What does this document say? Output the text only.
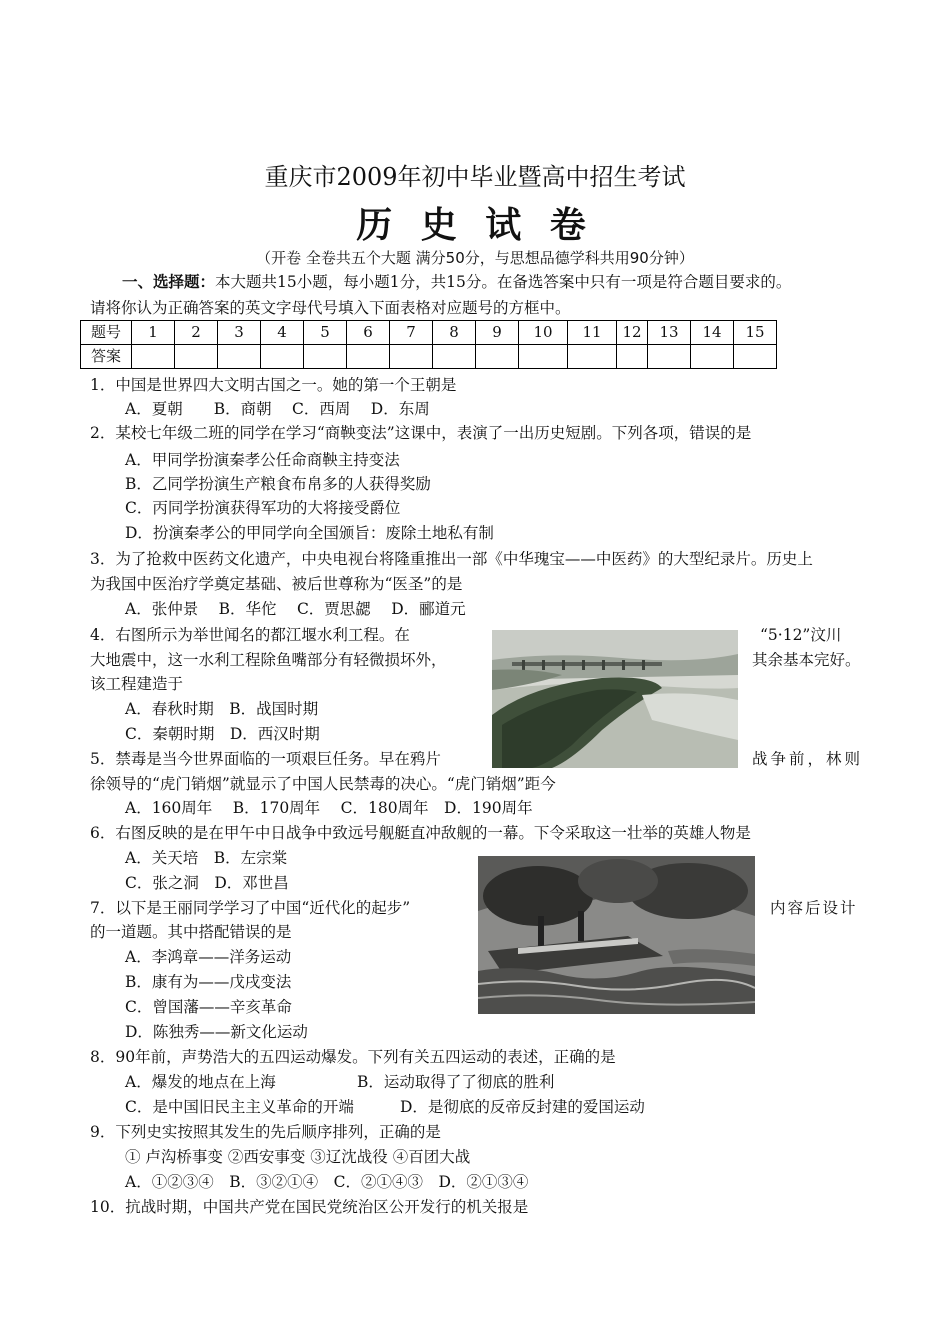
重庆市2009年初中毕业暨高中招生考试
历 史 试 卷
（开卷 全卷共五个大题 满分50分，与思想品德学科共用90分钟）
一、选择题：本大题共15小题，每小题1分，共15分。在备选答案中只有一项是符合题目要求的。
请将你认为正确答案的英文字母代号填入下面表格对应题号的方框中。
题号	1	2	3	4	5	6	7	8	9	10	11	12	13	14	15
答案															
1．中国是世界四大文明古国之一。她的第一个王朝是
A．夏朝　　B．商朝　 C．西周　 D．东周
2．某校七年级二班的同学在学习“商鞅变法”这课中，表演了一出历史短剧。下列各项，错误的是
A．甲同学扮演秦孝公任命商鞅主持变法
B．乙同学扮演生产粮食布帛多的人获得奖励
C．丙同学扮演获得军功的大将接受爵位
D．扮演秦孝公的甲同学向全国颁旨：废除土地私有制
3．为了抢救中医药文化遗产，中央电视台将隆重推出一部《中华瑰宝——中医药》的大型纪录片。历史上
为我国中医治疗学奠定基础、被后世尊称为“医圣”的是
A．张仲景　 B．华佗　 C．贾思勰　 D．郦道元
4．右图所示为举世闻名的都江堰水利工程。在	“5·12”汶川
大地震中，这一水利工程除鱼嘴部分有轻微损坏外，	其余基本完好。
该工程建造于
A．春秋时期　B．战国时期
C．秦朝时期　D．西汉时期
5．禁毒是当今世界面临的一项艰巨任务。早在鸦片	战争前，林则
徐领导的“虎门销烟”就显示了中国人民禁毒的决心。“虎门销烟”距今
A．160周年　 B．170周年　 C．180周年　D．190周年
6．右图反映的是在甲午中日战争中致远号舰艇直冲敌舰的一幕。下令采取这一壮举的英雄人物是
A．关天培　B．左宗棠
C．张之洞　D．邓世昌
7．以下是王丽同学学习了中国“近代化的起步”	内容后设计
的一道题。其中搭配错误的是
A．李鸿章——洋务运动
B．康有为——戊戌变法
C．曾国藩——辛亥革命
D．陈独秀——新文化运动
8．90年前，声势浩大的五四运动爆发。下列有关五四运动的表述，正确的是
A．爆发的地点在上海	B．运动取得了了彻底的胜利
C．是中国旧民主主义革命的开端	D．是彻底的反帝反封建的爱国运动
9．下列史实按照其发生的先后顺序排列，正确的是
① 卢沟桥事变 ②西安事变 ③辽沈战役 ④百团大战
A．①②③④　B．③②①④　C．②①④③　D．②①③④
10．抗战时期，中国共产党在国民党统治区公开发行的机关报是
